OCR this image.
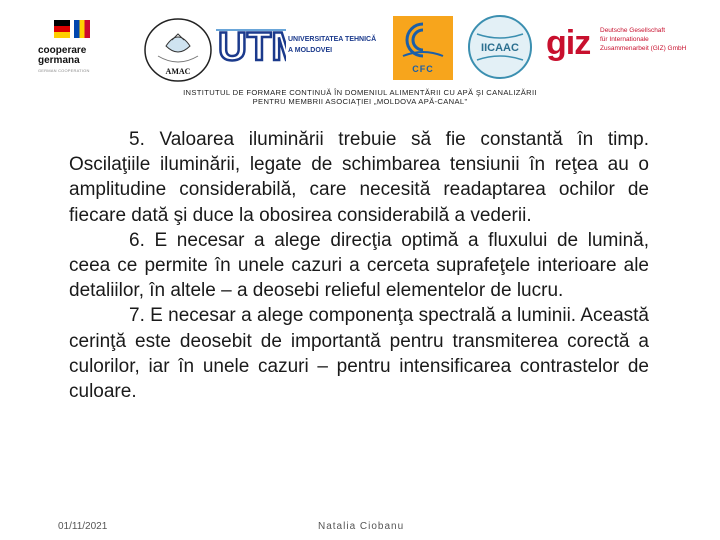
cooperare germana
GERMAN COOPERATION	AMAC
UT	UNIVERSITATEA TEHNICĂ
A MOLDOVEI
CFC
IICAAC giz Deutsche Gesellschaft
für Internationale
Zusammenarbeit (GIZ) GmbH
INSTITUTUL DE FORMARE CONTINUĂ ÎN DOMENIUL ALIMENTĂRII CU APĂ ŞI CANALIZĂRII
PENTRU MEMBRII ASOCIAŢIEI „MOLDOVA APĂ-CANAL”

5. Valoarea iluminării trebuie să fie constantă în timp. Oscilaţiile iluminării, legate de schimbarea tensiunii în reţea au o amplitudine considerabilă, care necesită readaptarea ochilor de fiecare dată şi duce la obosirea considerabilă a vederii.

6. E necesar a alege direcţia optimă a fluxului de lumină, ceea ce permite în unele cazuri a cerceta suprafeţele interioare ale detaliilor, în altele – a deosebi relieful elementelor de lucru.

7. E necesar a alege componenţa spectrală a luminii. Această cerinţă este deosebit de importantă pentru transmiterea corectă a culorilor, iar în unele cazuri – pentru intensificarea contrastelor de culoare.

01/11/2021	Natalia Ciobanu
